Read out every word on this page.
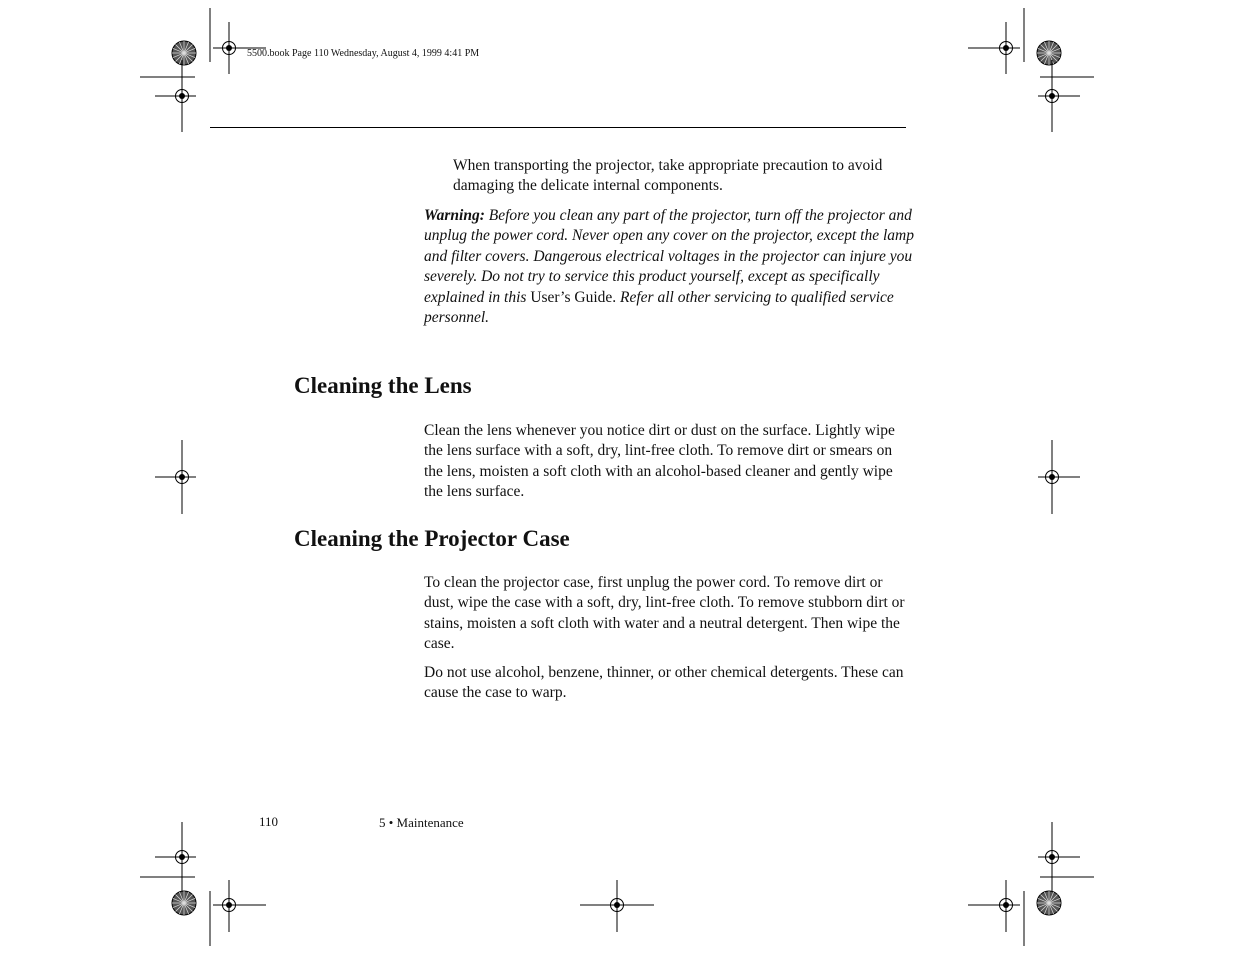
5500.book Page 110 Wednesday, August 4, 1999 4:41 PM

When transporting the projector, take appropriate precaution to avoid damaging the delicate internal components.

Warning: Before you clean any part of the projector, turn off the projector and unplug the power cord. Never open any cover on the projector, except the lamp and filter covers. Dangerous electrical voltages in the projector can injure you severely. Do not try to service this product yourself, except as specifically explained in this User’s Guide. Refer all other servicing to qualified service personnel.

Cleaning the Lens

Clean the lens whenever you notice dirt or dust on the surface. Lightly wipe the lens surface with a soft, dry, lint-free cloth. To remove dirt or smears on the lens, moisten a soft cloth with an alcohol-based cleaner and gently wipe the lens surface.

Cleaning the Projector Case

To clean the projector case, first unplug the power cord. To remove dirt or dust, wipe the case with a soft, dry, lint-free cloth. To remove stubborn dirt or stains, moisten a soft cloth with water and a neutral detergent. Then wipe the case.

Do not use alcohol, benzene, thinner, or other chemical detergents. These can cause the case to warp.

110	5 • Maintenance
